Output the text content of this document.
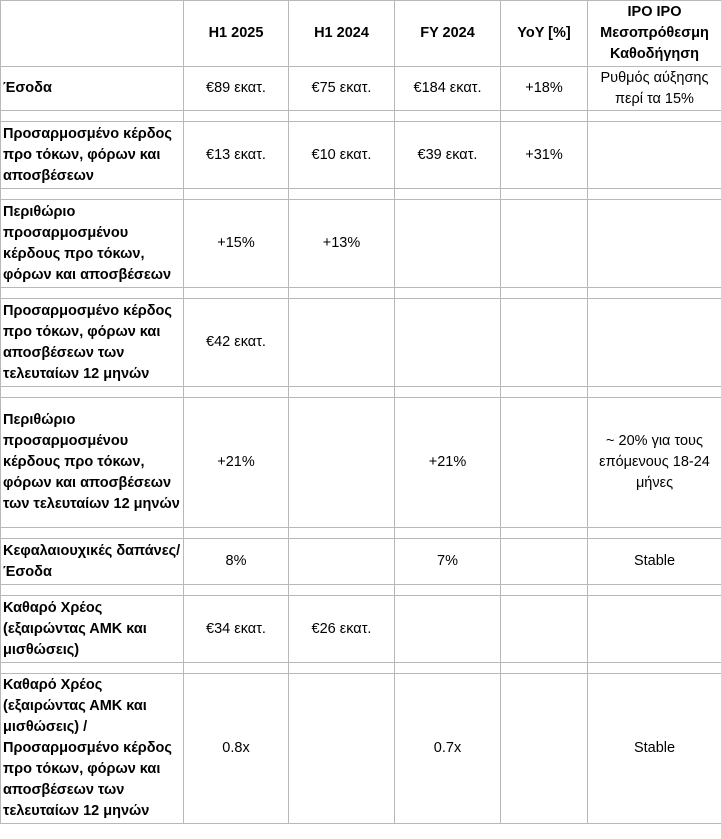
	H1 2025	H1 2024	FY 2024	YoY [%]	IPO IPO Μεσοπρόθεσμη Καθοδήγηση
Έσοδα	€89 εκατ.	€75 εκατ.	€184 εκατ.	+18%	Ρυθμός αύξησης περί τα 15%

Προσαρμοσμένο κέρδος προ τόκων, φόρων και αποσβέσεων	€13 εκατ.	€10 εκατ.	€39 εκατ.	+31%	

Περιθώριο προσαρμοσμένου κέρδους προ τόκων, φόρων και αποσβέσεων	+15%	+13%			

Προσαρμοσμένο κέρδος προ τόκων, φόρων και αποσβέσεων των τελευταίων 12 μηνών	€42 εκατ.				

Περιθώριο προσαρμοσμένου κέρδους προ τόκων, φόρων και αποσβέσεων των τελευταίων 12 μηνών	+21%		+21%		~ 20% για τους επόμενους 18-24 μήνες

Κεφαλαιουχικές δαπάνες/Έσοδα	8%		7%		Stable

Καθαρό Χρέος (εξαιρώντας ΑΜΚ και μισθώσεις)	€34 εκατ.	€26 εκατ.			

Καθαρό Χρέος (εξαιρώντας ΑΜΚ και μισθώσεις) / Προσαρμοσμένο κέρδος προ τόκων, φόρων και αποσβέσεων των τελευταίων 12 μηνών	0.8x		0.7x		Stable
